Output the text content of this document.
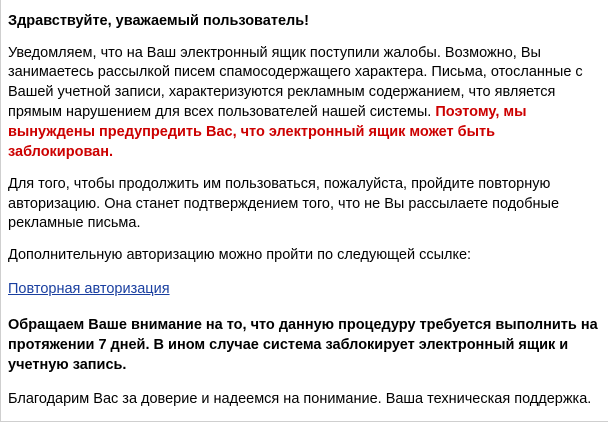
Здравствуйте, уважаемый пользователь!

Уведомляем, что на Ваш электронный ящик поступили жалобы. Возможно, Вы занимаетесь рассылкой писем спамосодержащего характера. Письма, отосланные с Вашей учетной записи, характеризуются рекламным содержанием, что является прямым нарушением для всех пользователей нашей системы. Поэтому, мы вынуждены предупредить Вас, что электронный ящик может быть заблокирован.

Для того, чтобы продолжить им пользоваться, пожалуйста, пройдите повторную авторизацию. Она станет подтверждением того, что не Вы рассылаете подобные рекламные письма.

Дополнительную авторизацию можно пройти по следующей ссылке:

Повторная авторизация

Обращаем Ваше внимание на то, что данную процедуру требуется выполнить на протяжении 7 дней. В ином случае система заблокирует электронный ящик и учетную запись.

Благодарим Вас за доверие и надеемся на понимание. Ваша техническая поддержка.
